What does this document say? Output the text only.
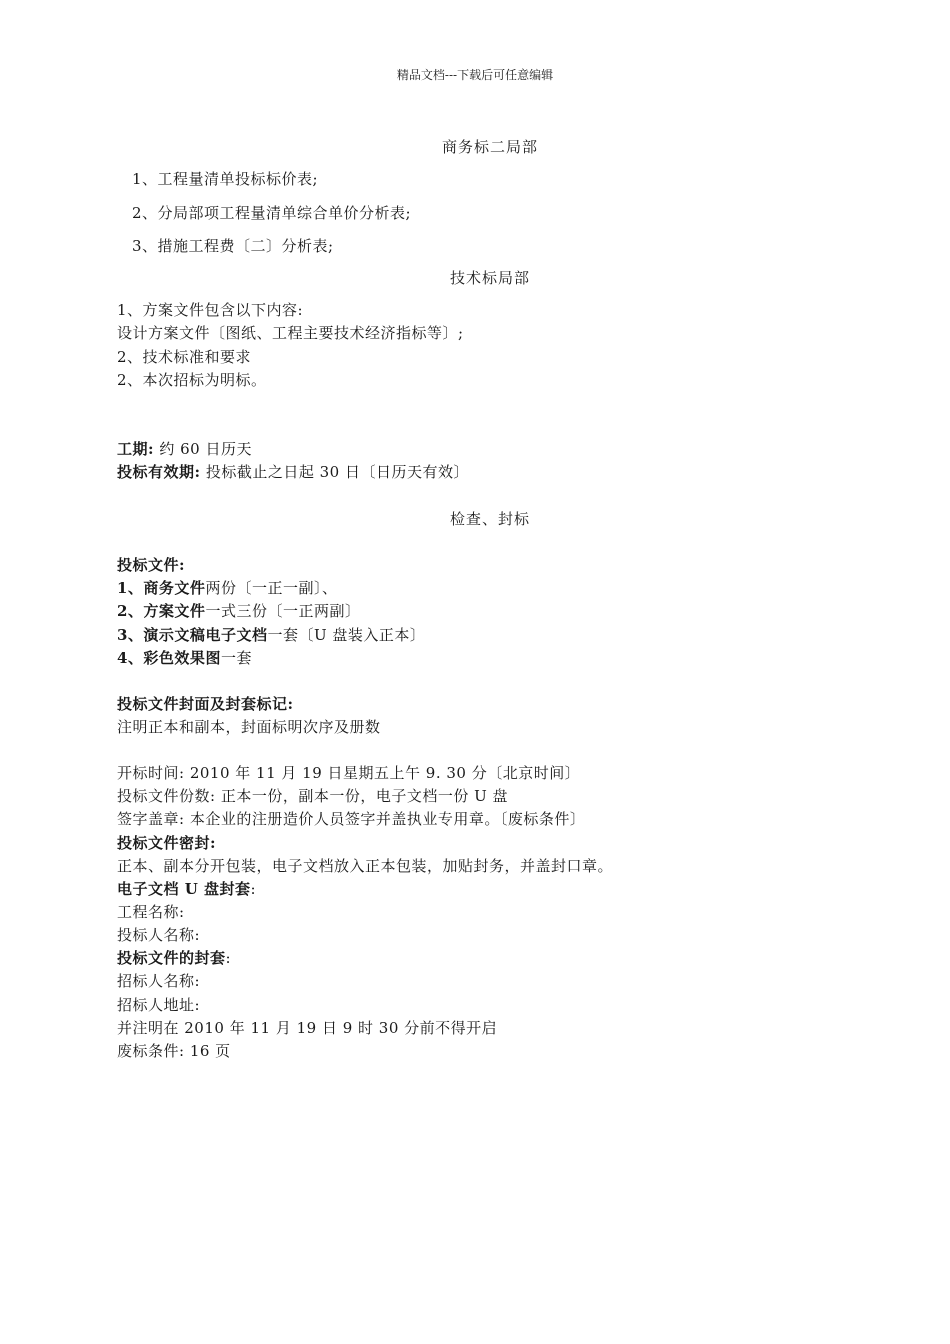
精品文档---下载后可任意编辑
商务标二局部
1、工程量清单投标标价表;
2、分局部项工程量清单综合单价分析表;
3、措施工程费〔二〕分析表;
技术标局部
1、方案文件包含以下内容:
设计方案文件〔图纸、工程主要技术经济指标等〕;
2、技术标准和要求
2、本次招标为明标。
工期: 约 60 日历天
投标有效期: 投标截止之日起 30 日〔日历天有效〕
检查、封标
投标文件:
1、商务文件两份〔一正一副〕、
2、方案文件一式三份〔一正两副〕
3、演示文稿电子文档一套〔U 盘装入正本〕
4、彩色效果图一套
投标文件封面及封套标记:
注明正本和副本，封面标明次序及册数
开标时间: 2010 年 11 月 19 日星期五上午 9. 30 分〔北京时间〕
投标文件份数: 正本一份，副本一份，电子文档一份 U 盘
签字盖章: 本企业的注册造价人员签字并盖执业专用章。〔废标条件〕
投标文件密封:
正本、副本分开包装，电子文档放入正本包装，加贴封务，并盖封口章。
电子文档 U 盘封套:
工程名称:
投标人名称:
投标文件的封套:
招标人名称:
招标人地址:
并注明在 2010 年 11 月 19 日 9 时 30 分前不得开启
废标条件: 16 页
